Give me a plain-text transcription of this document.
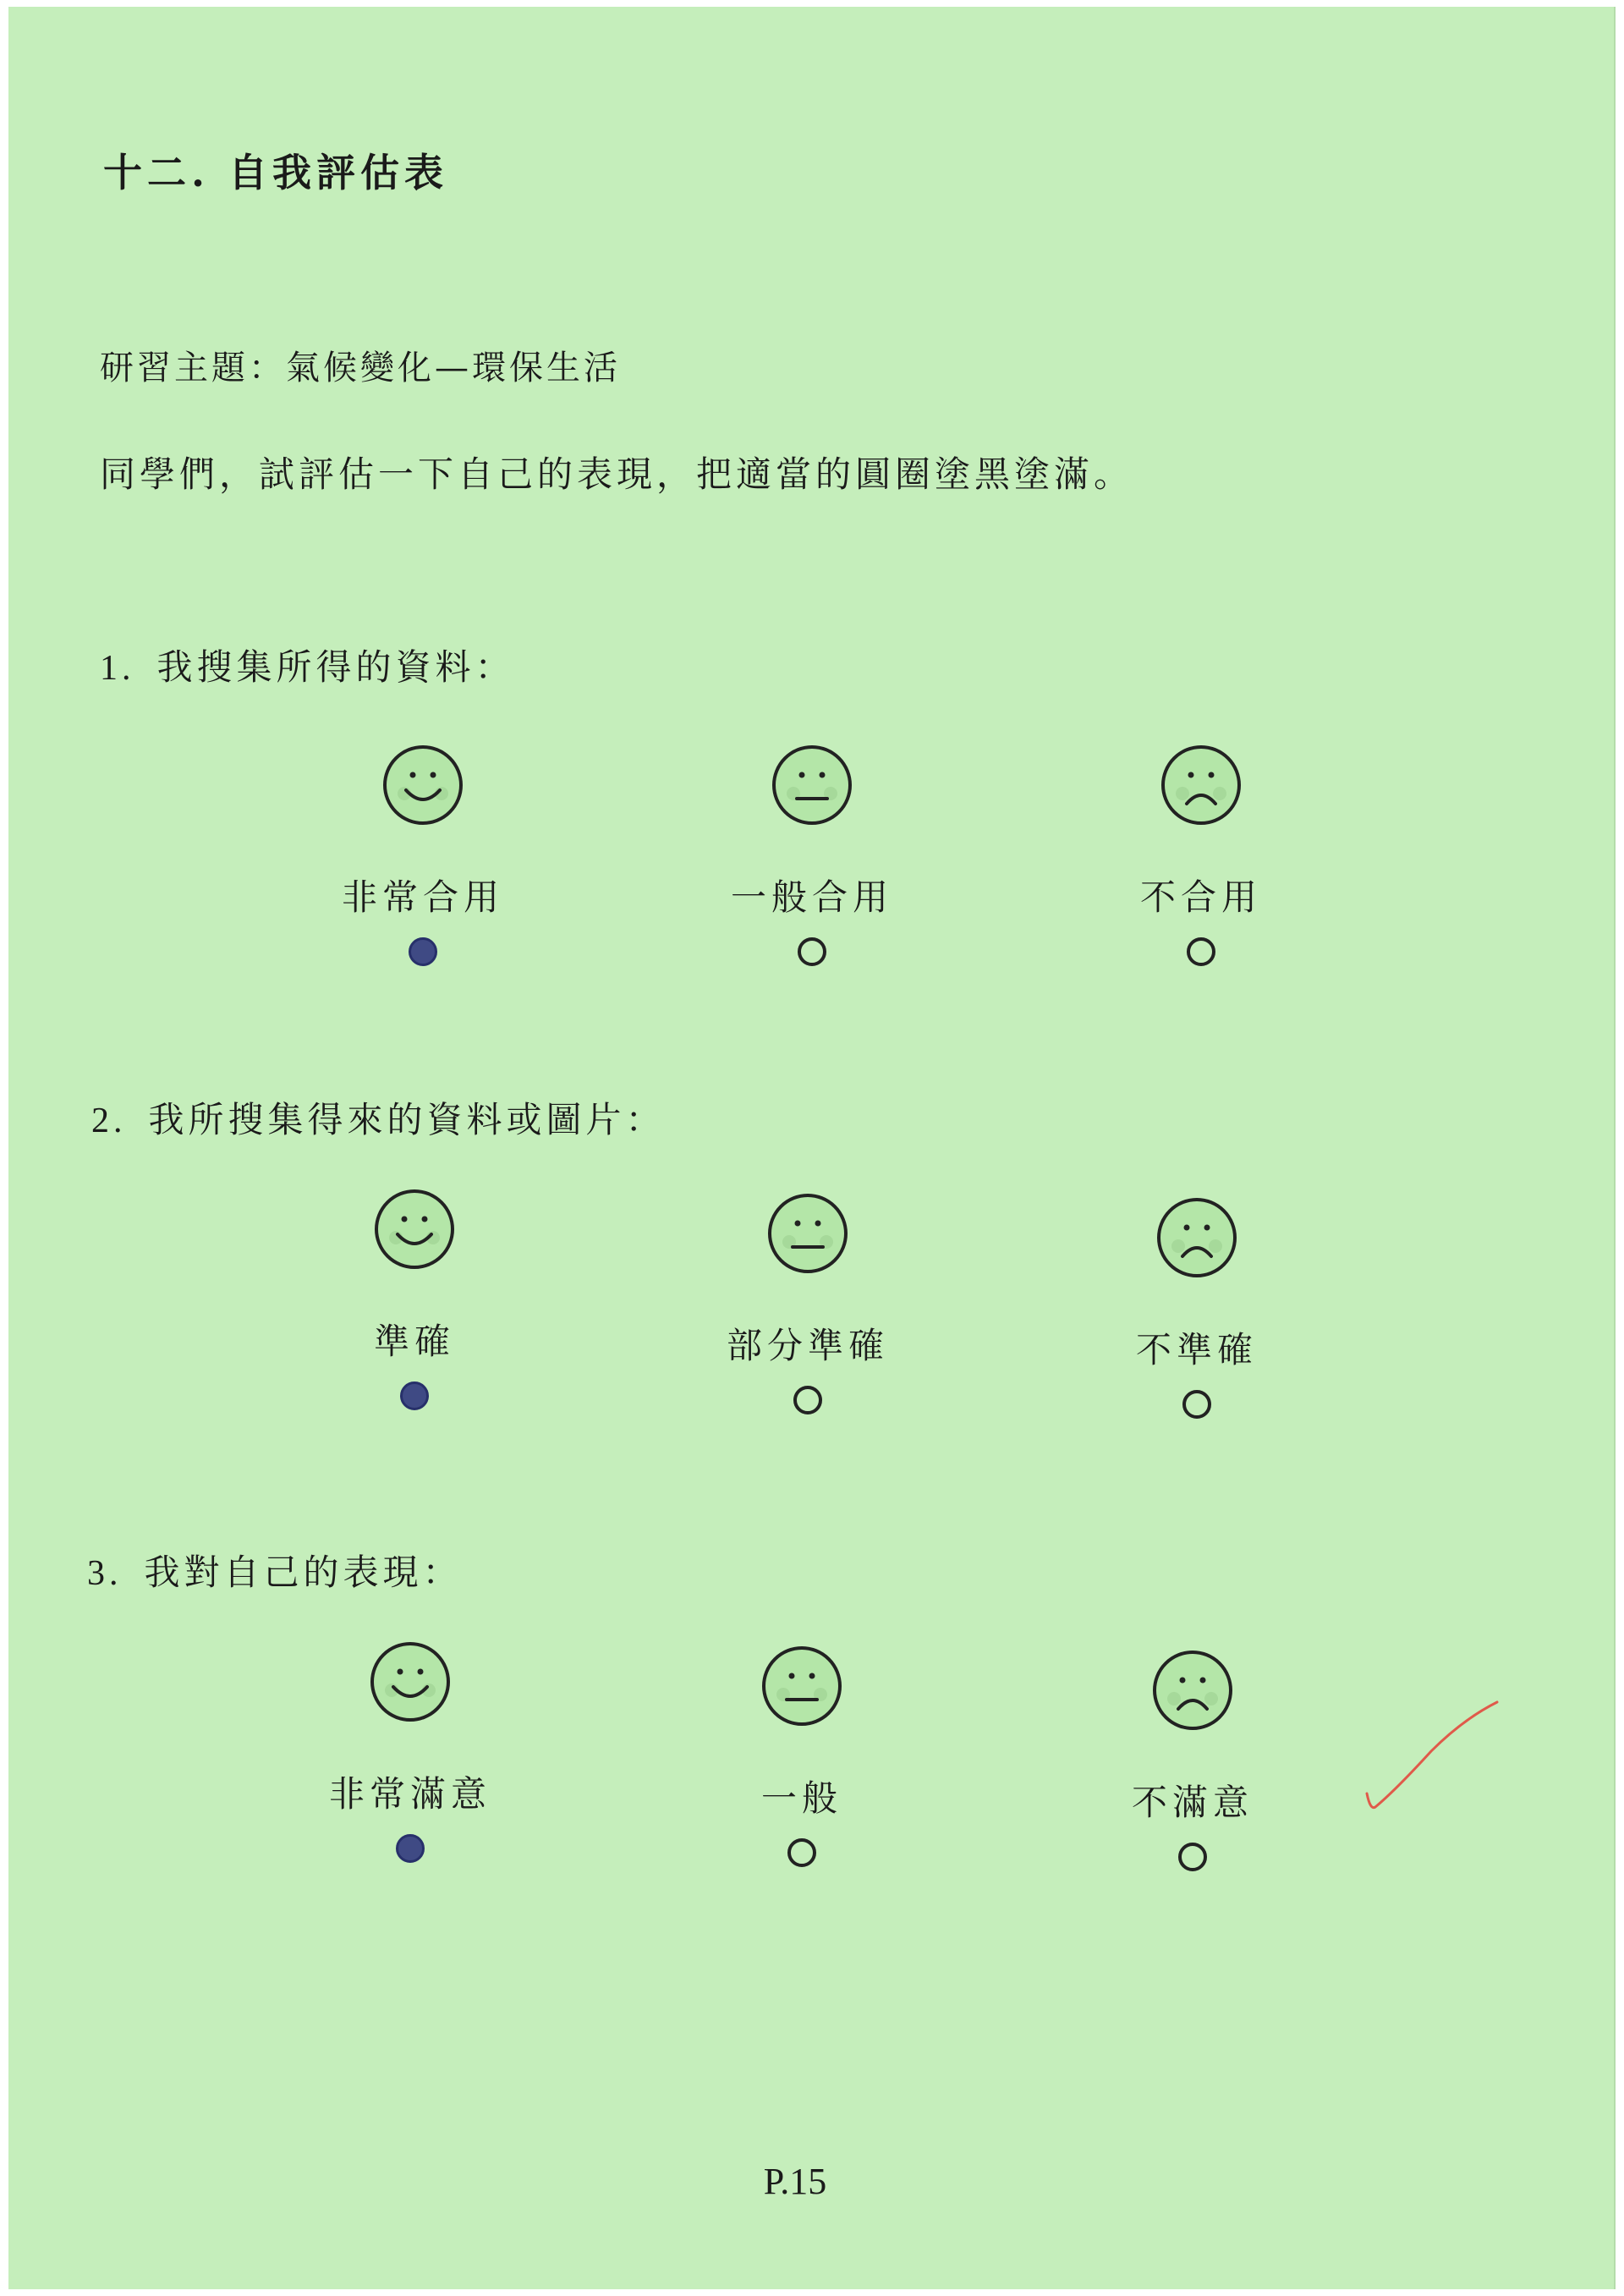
十二. 自我評估表
研習主題：氣候變化—環保生活
同學們，試評估一下自己的表現，把適當的圓圈塗黑塗滿。
1. 我搜集所得的資料：
非常合用	一般合用	不合用
2. 我所搜集得來的資料或圖片：
準確	部分準確	不準確
3. 我對自己的表現：
非常滿意	一般	不滿意
P.15
